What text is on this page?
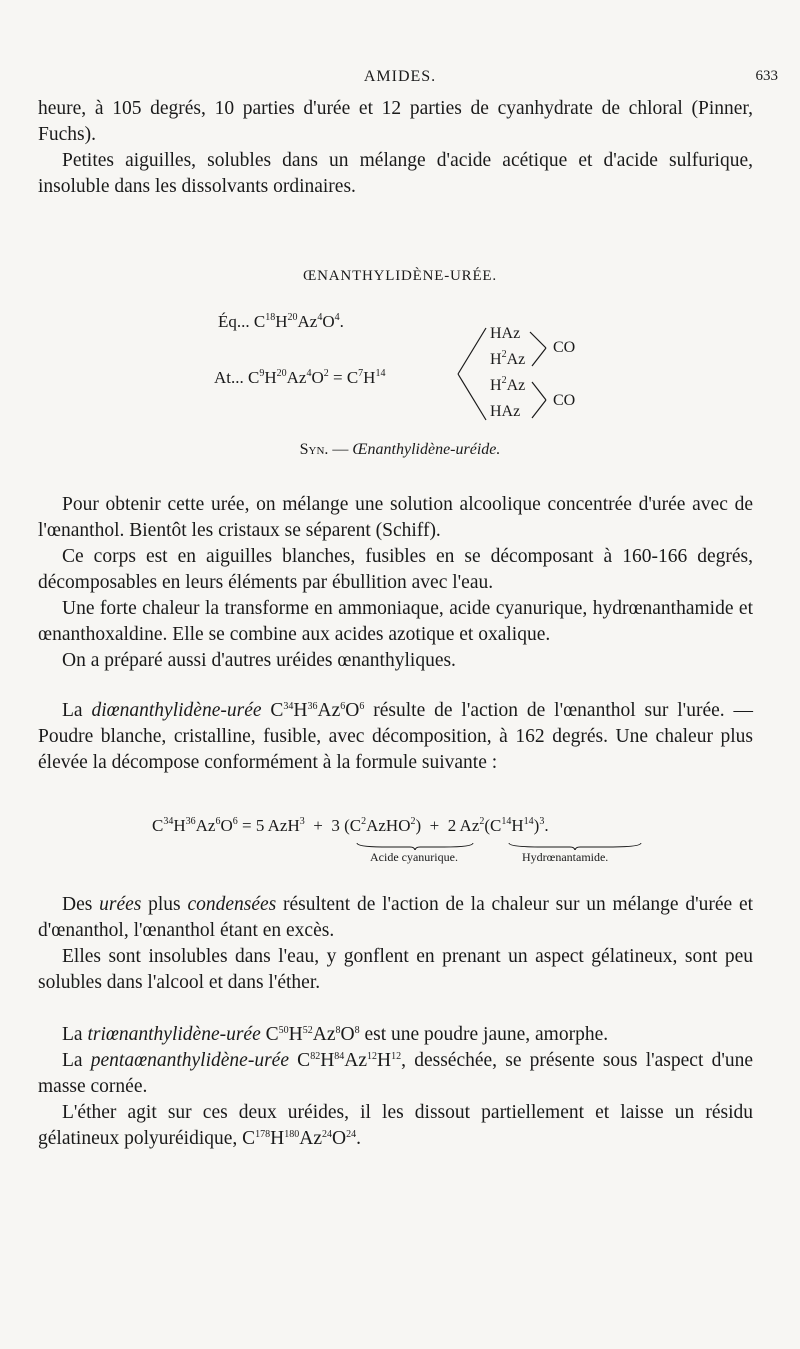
AMIDES.	633

heure, à 105 degrés, 10 parties d'urée et 12 parties de cyanhydrate de chloral (Pinner, Fuchs).

Petites aiguilles, solubles dans un mélange d'acide acétique et d'acide sulfurique, insoluble dans les dissolvants ordinaires.

ŒNANTHYLIDÈNE-URÉE.
Éq... $C^{18}H^{20}Az^4O^4$.
At... $C^9H^{20}Az^4O^2 = C^7H^{14}$
HAz
$H^2Az$
$H^2Az$
HAz
CO
CO
Syn. — Œnanthylidène-uréide.

Pour obtenir cette urée, on mélange une solution alcoolique concentrée d'urée avec de l'œnanthol. Bientôt les cristaux se séparent (Schiff).

Ce corps est en aiguilles blanches, fusibles en se décomposant à 160-166 degrés, décomposables en leurs éléments par ébullition avec l'eau.

Une forte chaleur la transforme en ammoniaque, acide cyanurique, hydrœnanthamide et œnanthoxaldine. Elle se combine aux acides azotique et oxalique.

On a préparé aussi d'autres uréides œnanthyliques.

La diœnanthylidène-urée $C^{34}H^{36}Az^6O^6$ résulte de l'action de l'œnanthol sur l'urée. — Poudre blanche, cristalline, fusible, avec décomposition, à 162 degrés. Une chaleur plus élevée la décompose conformément à la formule suivante :

$C^{34}H^{36}Az^6O^6 = 5$ AzH$^3$ + 3 $(C^2AzHO^2) + 2$ $Az^2(C^{14}H^{14})^3$.
Acide cyanurique.	Hydrœnantamide.

Des urées plus condensées résultent de l'action de la chaleur sur un mélange d'urée et d'œnanthol, l'œnanthol étant en excès.

Elles sont insolubles dans l'eau, y gonflent en prenant un aspect gélatineux, sont peu solubles dans l'alcool et dans l'éther.

La triœnanthylidène-urée $C^{50}H^{52}Az^8O^8$ est une poudre jaune, amorphe.

La pentaœnanthylidène-urée $C^{82}H^{84}Az^{12}H^{12}$, desséchée, se présente sous l'aspect d'une masse cornée.

L'éther agit sur ces deux uréides, il les dissout partiellement et laisse un résidu gélatineux polyuréidique, $C^{178}H^{180}Az^{24}O^{24}$.
